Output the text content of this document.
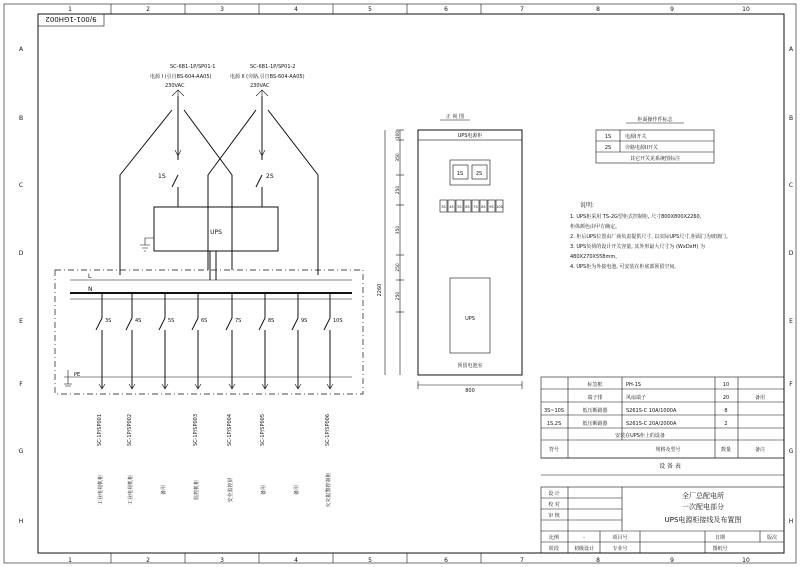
9/001-1GH002
1
1
2
2
3
3
4
4
5
5
6
6
7
7
8
8
9
9
10
10
A	A
B	B
C	C
D	D
E	E
F	F
G	G
H	H
SC-6B1-1P/SP01-1
电源 I (引自BS-604-AA05)
230VAC
SC-6B1-1P/SP01-2
电源 II (旁路,引自BS-604-AA05)
230VAC
1S	2S
UPS
L
N
PE
3S
SC-1P/SP001
工业电视机柜
4S
SC-1P/SP002
工业电视机柜
5S
备用
6S
SC-1P/SP003
监控机柜
7S
SC-1P/SP004
安全监控屏
8S
SC-1P/SP005
备用
9S
备用
10S
SC-1P/SP006
火灾报警控制柜
正 视 图
UPS电源柜
1S	2S
3S 4S 5S 6S 7S 8S 9S 10S
UPS
预留电池室
100
350
250
350
250
250
2260
800
柜面操作件标志
1S	电源I开关
2S	旁路电源II开关
其它开关见系统图标注
说明:
1. UPS柜采用 TS-2G型柜式控制柜, 尺寸800X800X2260,
柜体颜色由甲方确定。
2. 柜后UPS位置由厂商负责提供尺寸, 以实际UPS尺寸,柜面门为玻璃门。
3. UPS负荷的设计开关容量, 其外形最大尺寸为 (WxDxH) 为
480X270X558mm。
4. UPS柜为外接电池, 可安装在柜底部预留空间。
标签框	PH-1S	10
端子排	风扇端子	20	备用
3S~10S	低压断路器	S261S-C 10A/1000A	8
1S,2S	低压断路器	S261S-C 20A/2000A	2
安装在UPS柜上的设备
符号	规格及型号	数量	备注
设 备 表
设 计
校 对
审 核
全厂总配电所
一次配电部分
UPS电源柜接线及布置图
比例	-	项目号	日期	版次
阶段	初级设计	专业号	图纸号
